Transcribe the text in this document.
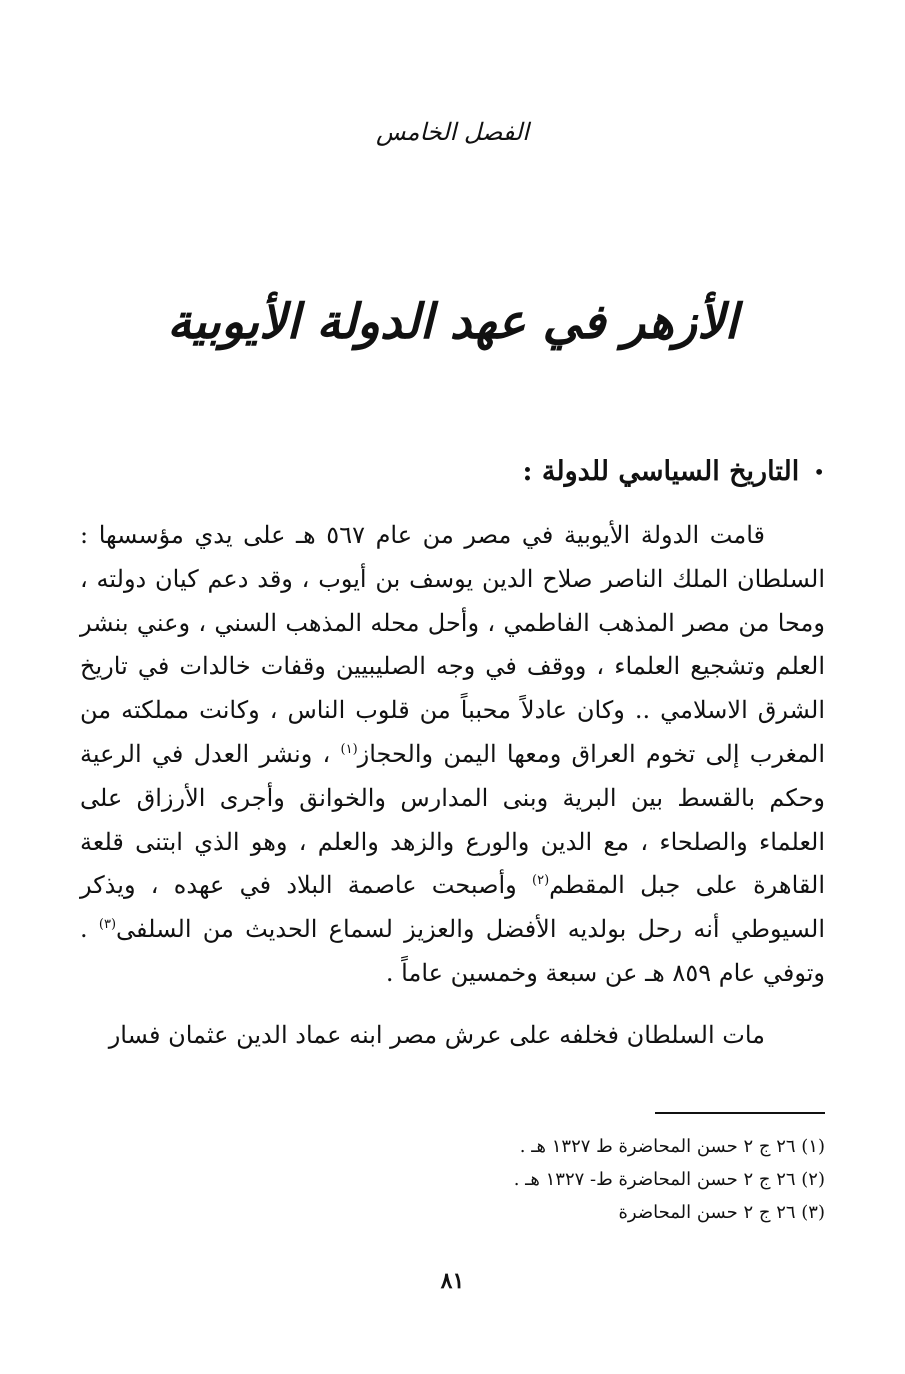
الفصل الخامس
الأزهر في عهد الدولة الأيوبية
•
التاريخ السياسي للدولة :

قامت الدولة الأيوبية في مصر من عام ٥٦٧ هـ على يدي مؤسسها : السلطان الملك الناصر صلاح الدين يوسف بن أيوب ، وقد دعم كيان دولته ، ومحا من مصر المذهب الفاطمي ، وأحل محله المذهب السني ، وعني بنشر العلم وتشجيع العلماء ، ووقف في وجه الصليبيين وقفات خالدات في تاريخ الشرق الاسلامي .. وكان عادلاً محبباً من قلوب الناس ، وكانت مملكته من المغرب إلى تخوم العراق ومعها اليمن والحجاز$^{(١)}$ ، ونشر العدل في الرعية وحكم بالقسط بين البرية وبنى المدارس والخوانق وأجرى الأرزاق على العلماء والصلحاء ، مع الدين والورع والزهد والعلم ، وهو الذي ابتنى قلعة القاهرة على جبل المقطم$^{(٢)}$ وأصبحت عاصمة البلاد في عهده ، ويذكر السيوطي أنه رحل بولديه الأفضل والعزيز لسماع الحديث من السلفى$^{(٣)}$ . وتوفي عام ٨٥٩ هـ عن سبعة وخمسين عاماً .

مات السلطان فخلفه على عرش مصر ابنه عماد الدين عثمان فسار

(١) ٢٦ ج ٢ حسن المحاضرة ط ١٣٢٧ هـ .
(٢) ٢٦ ج ٢ حسن المحاضرة ط- ١٣٢٧ هـ .
(٣) ٢٦ ج ٢ حسن المحاضرة
٨١
